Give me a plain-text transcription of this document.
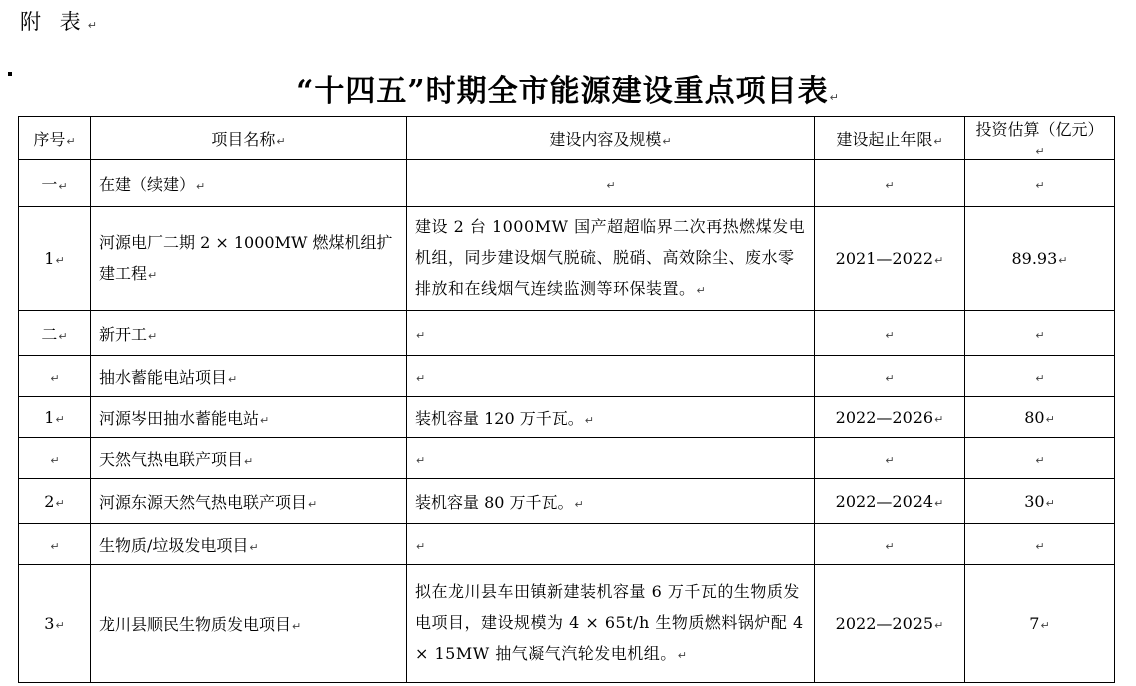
附 表↵
“十四五”时期全市能源建设重点项目表↵
序号↵	项目名称↵	建设内容及规模↵	建设起止年限↵	投资估算（亿元）↵
一↵	在建（续建）↵	↵	↵	↵
1↵	河源电厂二期 2 × 1000MW 燃煤机组扩建工程↵	建设 2 台 1000MW 国产超超临界二次再热燃煤发电机组，同步建设烟气脱硫、脱硝、高效除尘、废水零排放和在线烟气连续监测等环保装置。↵	2021—2022↵	89.93↵
二↵	新开工↵	↵	↵	↵
↵	抽水蓄能电站项目↵	↵	↵	↵
1↵	河源岑田抽水蓄能电站↵	装机容量 120 万千瓦。↵	2022—2026↵	80↵
↵	天然气热电联产项目↵	↵	↵	↵
2↵	河源东源天然气热电联产项目↵	装机容量 80 万千瓦。↵	2022—2024↵	30↵
↵	生物质/垃圾发电项目↵	↵	↵	↵
3↵	龙川县顺民生物质发电项目↵	拟在龙川县车田镇新建装机容量 6 万千瓦的生物质发电项目，建设规模为 4 × 65t/h 生物质燃料锅炉配 4 × 15MW 抽气凝气汽轮发电机组。↵	2022—2025↵	7↵
